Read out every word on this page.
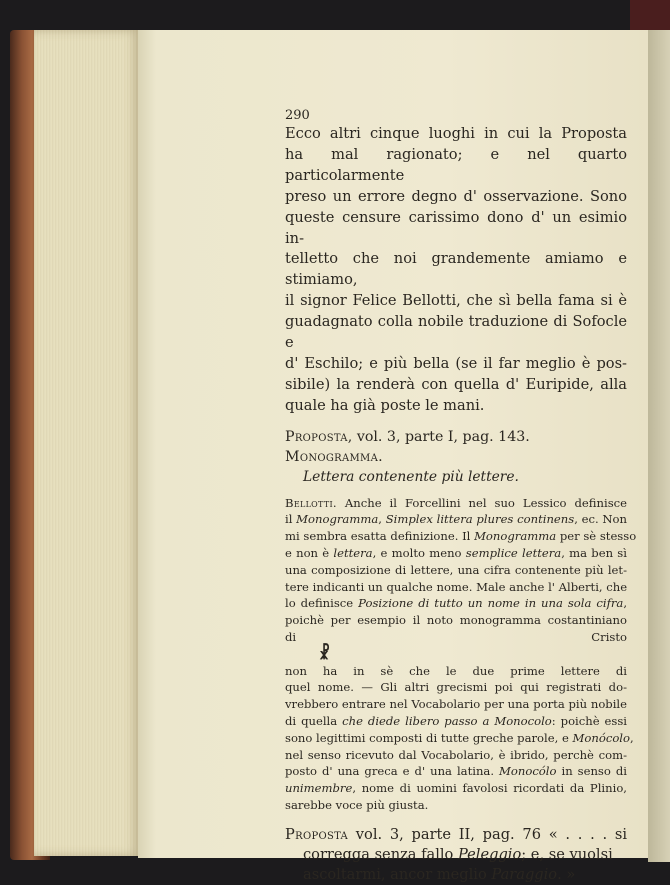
290

Ecco altri cinque luoghi in cui la Proposta
ha mal ragionato; e nel quarto particolarmente
preso un errore degno d' osservazione. Sono
queste censure carissimo dono d' un esimio in-
telletto che noi grandemente amiamo e stimiamo,
il signor Felice Bellotti, che sì bella fama si è
guadagnato colla nobile traduzione di Sofocle e
d' Eschilo; e più bella (se il far meglio è pos-
sibile) la renderà con quella d' Euripide, alla
quale ha già poste le mani.

Proposta, vol. 3, parte I, pag. 143. Monogramma.
Lettera contenente più lettere.
Bellotti. Anche il Forcellini nel suo Lessico definisce
il Monogramma, Simplex littera plures continens, ec. Non
mi sembra esatta definizione. Il Monogramma per sè stesso
e non è lettera, e molto meno semplice lettera, ma ben sì
una composizione di lettere, una cifra contenente più let-
tere indicanti un qualche nome. Male anche l' Alberti, che
lo definisce Posizione di tutto un nome in una sola cifra,
poichè per esempio il noto monogramma costantiniano
di Cristo
☧
non ha in sè che le due prime lettere di
quel nome. — Gli altri grecismi poi qui registrati do-
vrebbero entrare nel Vocabolario per una porta più nobile
di quella che diede libero passo a Monocolo: poichè essi
sono legittimi composti di tutte greche parole, e Monócolo,
nel senso ricevuto dal Vocabolario, è ibrido, perchè com-
posto d' una greca e d' una latina. Monocólo in senso di
unimembre, nome di uomini favolosi ricordati da Plinio,
sarebbe voce più giusta.
Proposta vol. 3, parte II, pag. 76 « . . . . si
corregga senza fallo Peleggio; e, se vuolsi
ascoltarmi, ancor meglio Paraggio. »
